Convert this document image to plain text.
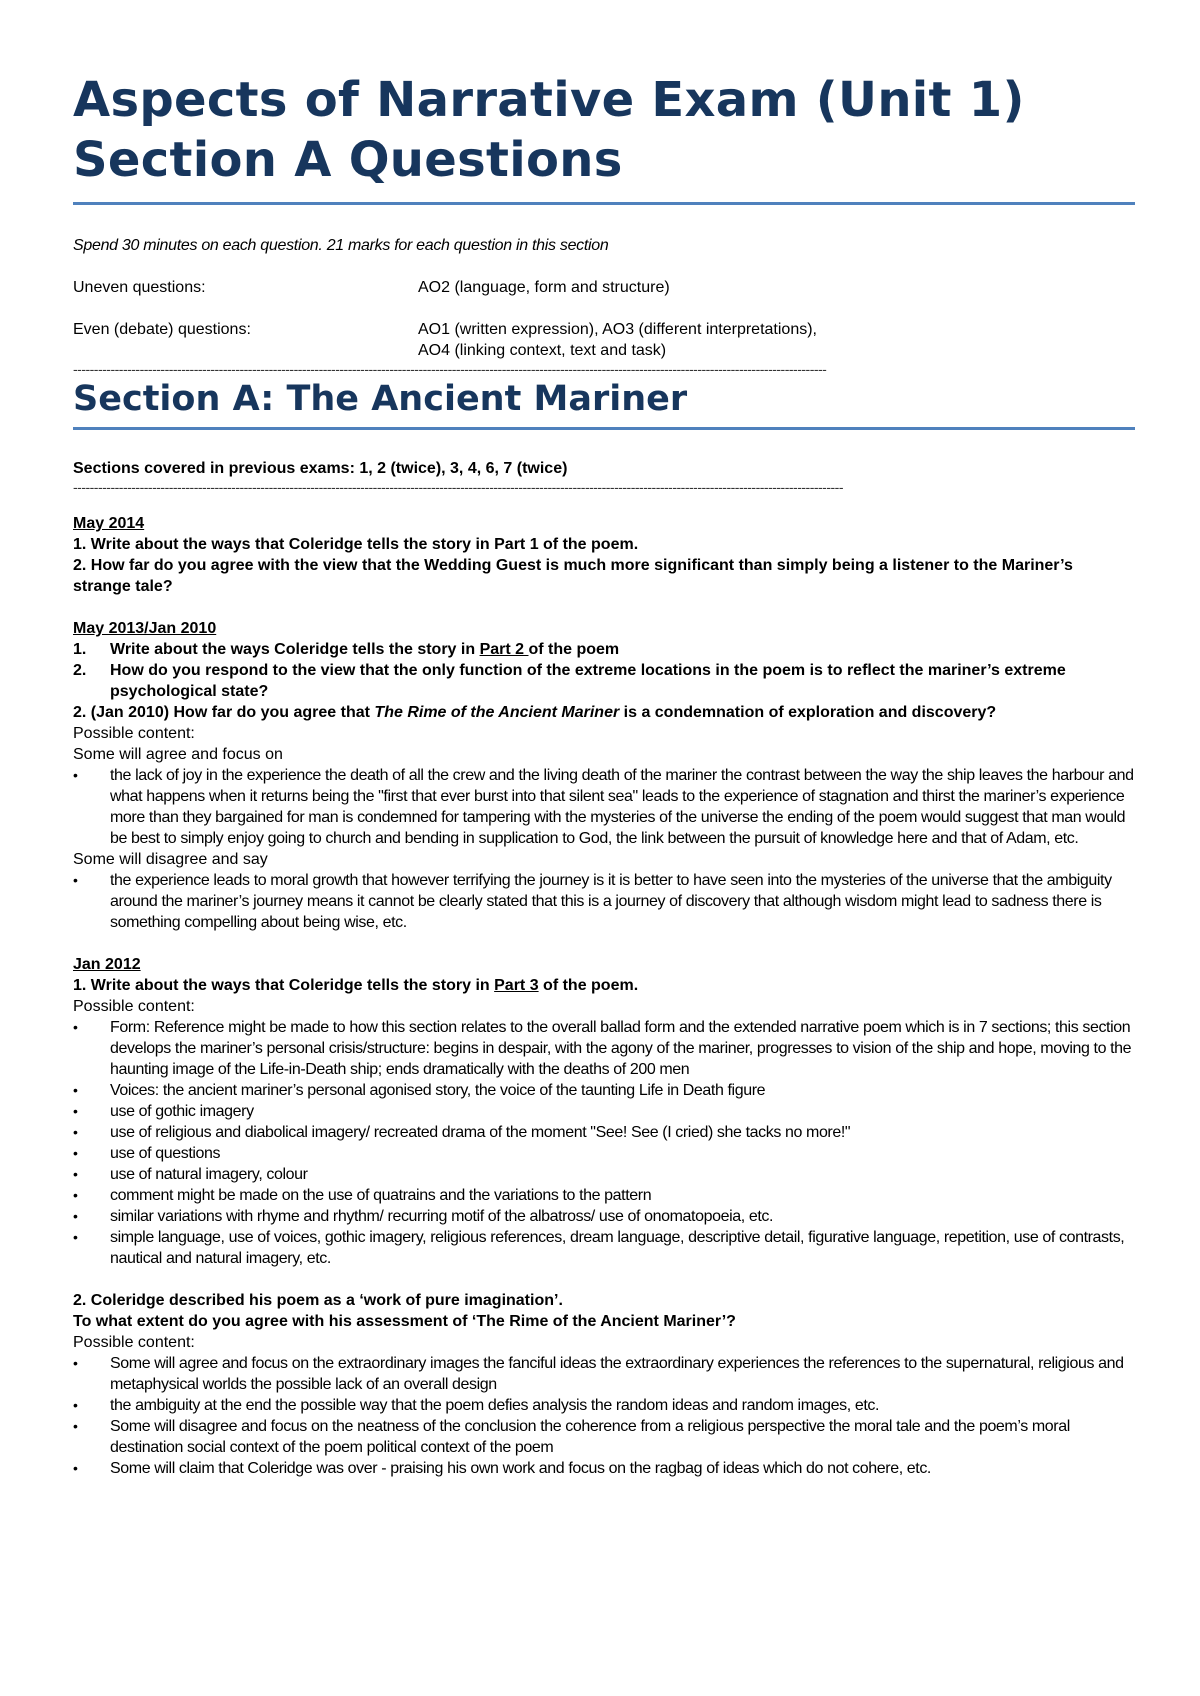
Aspects of Narrative Exam (Unit 1)
Section A Questions
Spend 30 minutes on each question. 21 marks for each question in this section
Uneven questions:	AO2 (language, form and structure)
Even (debate) questions:	AO1 (written expression), AO3 (different interpretations),
AO4 (linking context, text and task)
-------------------------------------------------------------------------------------------------------------------------------------------------------------------------------------
Section A: The Ancient Mariner
Sections covered in previous exams: 1, 2 (twice), 3, 4, 6, 7 (twice)
-----------------------------------------------------------------------------------------------------------------------------------------------------------------------------------------
May 2014
1. Write about the ways that Coleridge tells the story in Part 1 of the poem.
2. How far do you agree with the view that the Wedding Guest is much more significant than simply being a listener to the Mariner’s strange tale?
May 2013/Jan 2010
1.	Write about the ways Coleridge tells the story in Part 2 of the poem
2.	How do you respond to the view that the only function of the extreme locations in the poem is to reflect the mariner’s extreme psychological state?
2. (Jan 2010) How far do you agree that The Rime of the Ancient Mariner is a condemnation of exploration and discovery?
Possible content:
Some will agree and focus on
• the lack of joy in the experience the death of all the crew and the living death of the mariner the contrast between the way the ship leaves the harbour and what happens when it returns being the "first that ever burst into that silent sea" leads to the experience of stagnation and thirst the mariner’s experience more than they bargained for man is condemned for tampering with the mysteries of the universe the ending of the poem would suggest that man would be best to simply enjoy going to church and bending in supplication to God, the link between the pursuit of knowledge here and that of Adam, etc.
Some will disagree and say
• the experience leads to moral growth that however terrifying the journey is it is better to have seen into the mysteries of the universe that the ambiguity around the mariner’s journey means it cannot be clearly stated that this is a journey of discovery that although wisdom might lead to sadness there is something compelling about being wise, etc.
Jan 2012
1. Write about the ways that Coleridge tells the story in Part 3 of the poem.
Possible content:
• Form: Reference might be made to how this section relates to the overall ballad form and the extended narrative poem which is in 7 sections; this section develops the mariner’s personal crisis/structure: begins in despair, with the agony of the mariner, progresses to vision of the ship and hope, moving to the haunting image of the Life-in-Death ship; ends dramatically with the deaths of 200 men
• Voices: the ancient mariner’s personal agonised story, the voice of the taunting Life in Death figure
• use of gothic imagery
• use of religious and diabolical imagery/ recreated drama of the moment "See! See (I cried) she tacks no more!"
• use of questions
• use of natural imagery, colour
• comment might be made on the use of quatrains and the variations to the pattern
• similar variations with rhyme and rhythm/ recurring motif of the albatross/ use of onomatopoeia, etc.
• simple language, use of voices, gothic imagery, religious references, dream language, descriptive detail, figurative language, repetition, use of contrasts, nautical and natural imagery, etc.
2. Coleridge described his poem as a ‘work of pure imagination’.
To what extent do you agree with his assessment of ‘The Rime of the Ancient Mariner’?
Possible content:
• Some will agree and focus on the extraordinary images the fanciful ideas the extraordinary experiences the references to the supernatural, religious and metaphysical worlds the possible lack of an overall design
• the ambiguity at the end the possible way that the poem defies analysis the random ideas and random images, etc.
• Some will disagree and focus on the neatness of the conclusion the coherence from a religious perspective the moral tale and the poem’s moral destination social context of the poem political context of the poem
• Some will claim that Coleridge was over - praising his own work and focus on the ragbag of ideas which do not cohere, etc.
